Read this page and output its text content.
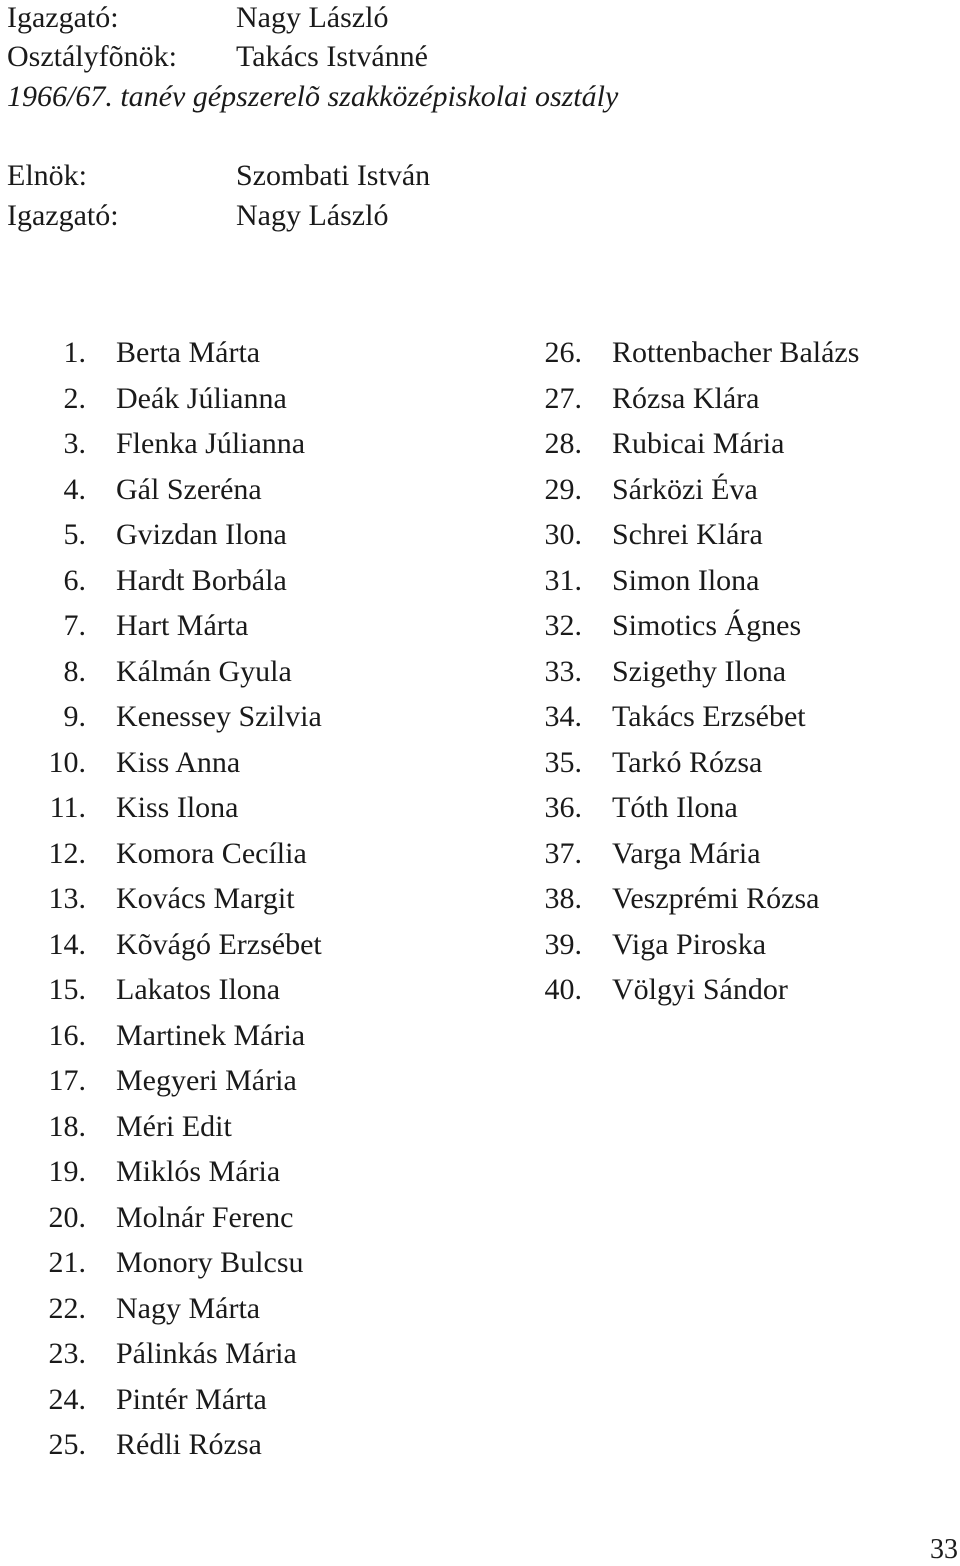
Igazgató:	Nagy László
Osztályfõnök: Takács Istvánné
1966/67. tanév gépszerelõ szakközépiskolai osztály
Elnök:	Szombati István
Igazgató:	Nagy László
1. Berta Márta
2. Deák Júlianna
3. Flenka Júlianna
4. Gál Szeréna
5. Gvizdan Ilona
6. Hardt Borbála
7. Hart Márta
8. Kálmán Gyula
9. Kenessey Szilvia
10. Kiss Anna
11. Kiss Ilona
12. Komora Cecília
13. Kovács Margit
14. Kõvágó Erzsébet
15. Lakatos Ilona
16. Martinek Mária
17. Megyeri Mária
18. Méri Edit
19. Miklós Mária
20. Molnár Ferenc
21. Monory Bulcsu
22. Nagy Márta
23. Pálinkás Mária
24. Pintér Márta
25. Rédli Rózsa
26. Rottenbacher Balázs
27. Rózsa Klára
28. Rubicai Mária
29. Sárközi Éva
30. Schrei Klára
31. Simon Ilona
32. Simotics Ágnes
33. Szigethy Ilona
34. Takács Erzsébet
35. Tarkó Rózsa
36. Tóth Ilona
37. Varga Mária
38. Veszprémi Rózsa
39. Viga Piroska
40. Völgyi Sándor
33
